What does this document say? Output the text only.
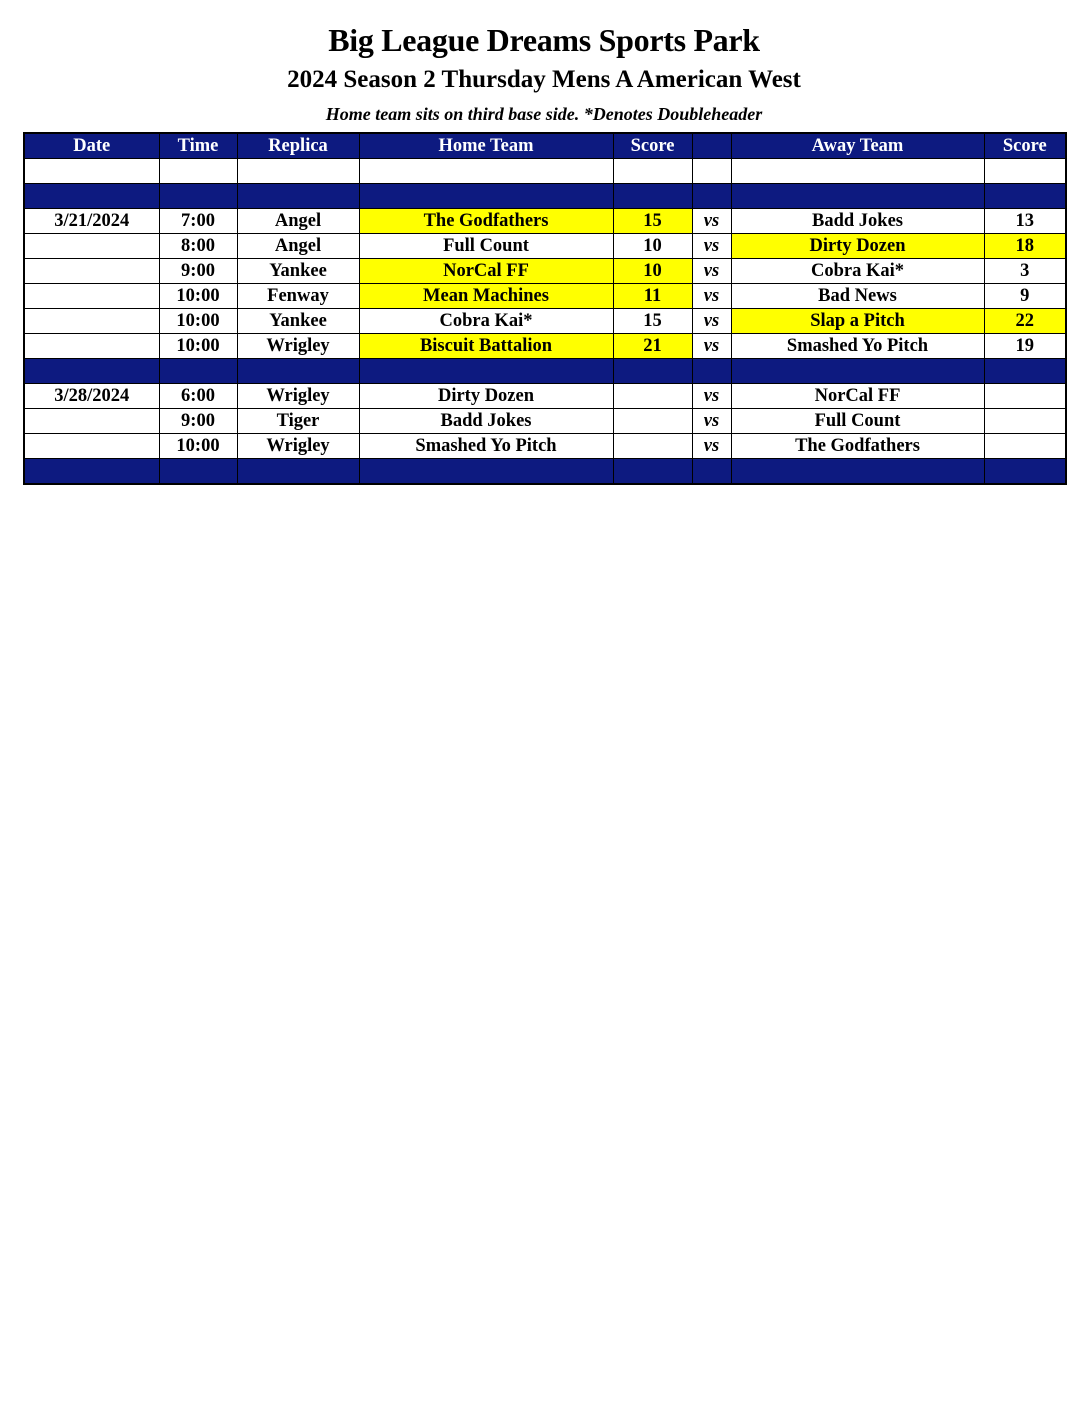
Big League Dreams Sports Park
2024 Season 2 Thursday Mens A American West
Home team sits on third base side. *Denotes Doubleheader
Date	Time	Replica	Home Team	Score		Away Team	Score

3/21/2024	7:00	Angel	The Godfathers	15	vs	Badd Jokes	13
	8:00	Angel	Full Count	10	vs	Dirty Dozen	18
	9:00	Yankee	NorCal FF	10	vs	Cobra Kai*	3
	10:00	Fenway	Mean Machines	11	vs	Bad News	9
	10:00	Yankee	Cobra Kai*	15	vs	Slap a Pitch	22
	10:00	Wrigley	Biscuit Battalion	21	vs	Smashed Yo Pitch	19

3/28/2024	6:00	Wrigley	Dirty Dozen		vs	NorCal FF	
	9:00	Tiger	Badd Jokes		vs	Full Count	
	10:00	Wrigley	Smashed Yo Pitch		vs	The Godfathers	
